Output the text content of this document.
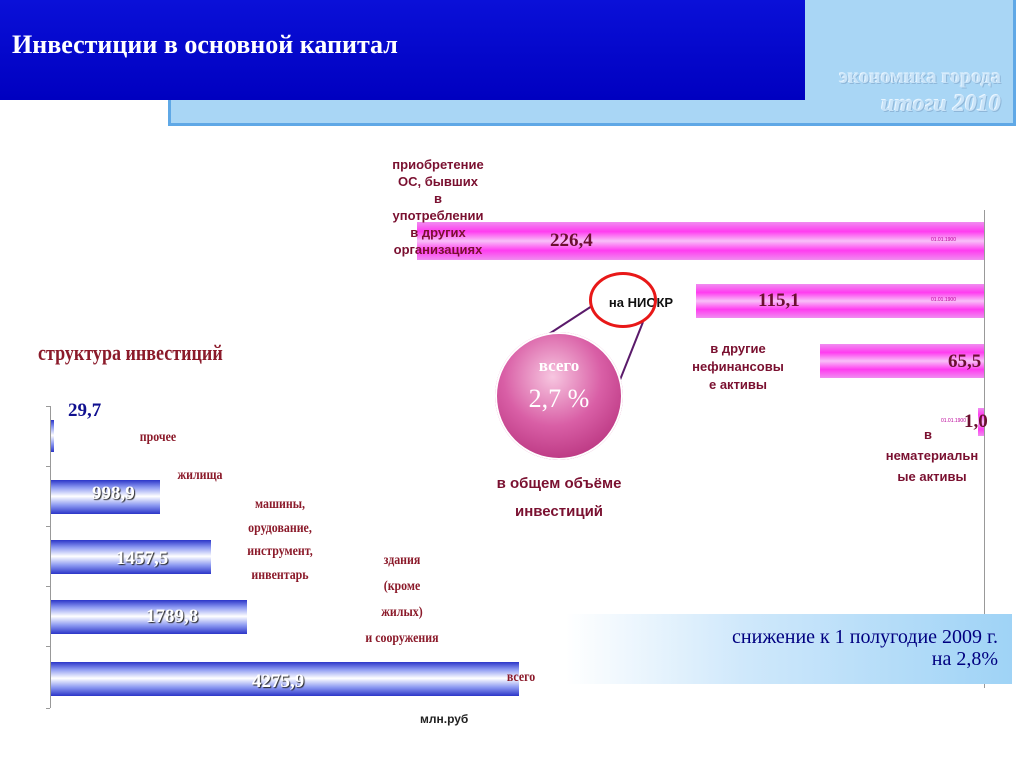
экономика города
итоги 2010
Инвестиции в основной капитал
структура инвестиций
29,7
998,9
1457,5
1789,8
4275,9
прочее
жилища
машины,
орудование,
инструмент,
инвентарь
здания
(кроме
жилых)
и сооружения
всего
млн.руб
01.01.1900
01.01.1900
01.01.1900
226,4
115,1
65,5
1,0
приобретение
ОС, бывших
в
употреблении
в других
организациях
на НИОКР
в другие
нефинансовы
е активы
в
нематериальн
ые активы
всего
2,7 %
в общем объёме
инвестиций
снижение к 1 полугодие 2009 г.
на 2,8%
